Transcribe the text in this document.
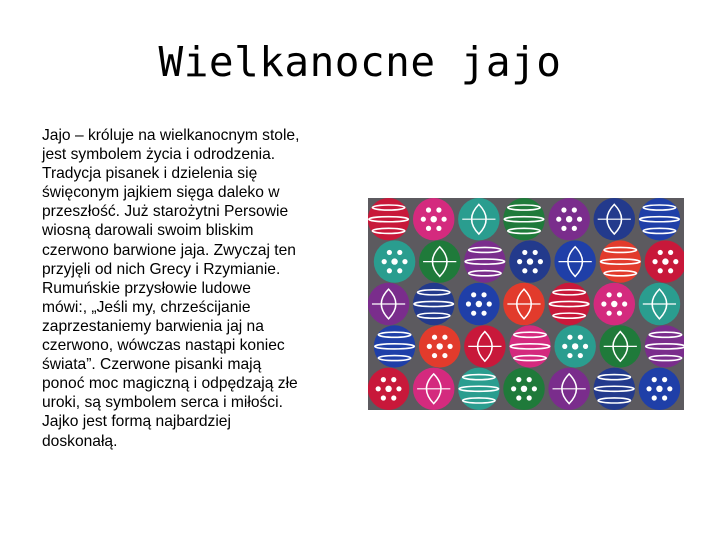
Wielkanocne jajo
Jajo – króluje na wielkanocnym stole,
jest symbolem życia i odrodzenia.
Tradycja pisanek i dzielenia się
święconym jajkiem sięga daleko w
przeszłość. Już starożytni Persowie
wiosną darowali swoim bliskim
czerwono barwione jaja. Zwyczaj ten
przyjęli od nich Grecy i Rzymianie.
Rumuńskie przysłowie ludowe
mówi:, „Jeśli my, chrześcijanie
zaprzestaniemy barwienia jaj na
czerwono, wówczas nastąpi koniec
świata”. Czerwone pisanki mają
ponoć moc magiczną i odpędzają złe
uroki, są symbolem serca i miłości.
Jajko jest formą najbardziej
doskonałą.
